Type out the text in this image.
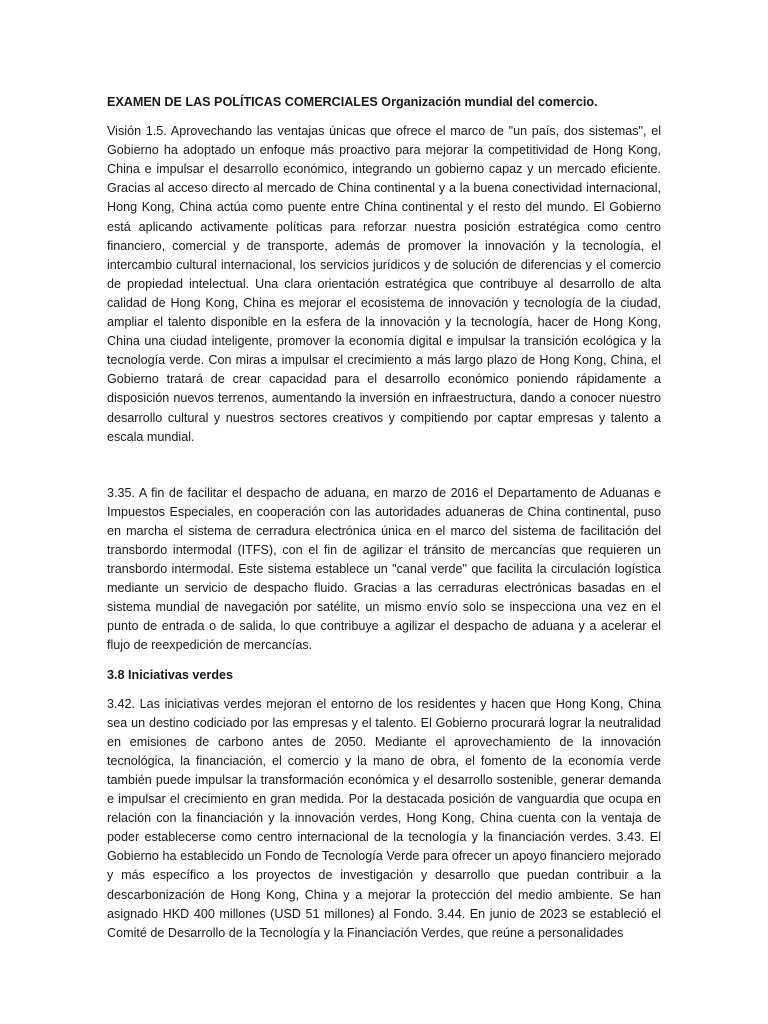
EXAMEN DE LAS POLÍTICAS COMERCIALES Organización mundial del comercio.

Visión 1.5. Aprovechando las ventajas únicas que ofrece el marco de "un país, dos sistemas", el Gobierno ha adoptado un enfoque más proactivo para mejorar la competitividad de Hong Kong, China e impulsar el desarrollo económico, integrando un gobierno capaz y un mercado eficiente. Gracias al acceso directo al mercado de China continental y a la buena conectividad internacional, Hong Kong, China actúa como puente entre China continental y el resto del mundo. El Gobierno está aplicando activamente políticas para reforzar nuestra posición estratégica como centro financiero, comercial y de transporte, además de promover la innovación y la tecnología, el intercambio cultural internacional, los servicios jurídicos y de solución de diferencias y el comercio de propiedad intelectual. Una clara orientación estratégica que contribuye al desarrollo de alta calidad de Hong Kong, China es mejorar el ecosistema de innovación y tecnología de la ciudad, ampliar el talento disponible en la esfera de la innovación y la tecnología, hacer de Hong Kong, China una ciudad inteligente, promover la economía digital e impulsar la transición ecológica y la tecnología verde. Con miras a impulsar el crecimiento a más largo plazo de Hong Kong, China, el Gobierno tratará de crear capacidad para el desarrollo económico poniendo rápidamente a disposición nuevos terrenos, aumentando la inversión en infraestructura, dando a conocer nuestro desarrollo cultural y nuestros sectores creativos y compitiendo por captar empresas y talento a escala mundial.

3.35. A fin de facilitar el despacho de aduana, en marzo de 2016 el Departamento de Aduanas e Impuestos Especiales, en cooperación con las autoridades aduaneras de China continental, puso en marcha el sistema de cerradura electrónica única en el marco del sistema de facilitación del transbordo intermodal (ITFS), con el fin de agilizar el tránsito de mercancías que requieren un transbordo intermodal. Este sistema establece un "canal verde" que facilita la circulación logística mediante un servicio de despacho fluido. Gracias a las cerraduras electrónicas basadas en el sistema mundial de navegación por satélite, un mismo envío solo se inspecciona una vez en el punto de entrada o de salida, lo que contribuye a agilizar el despacho de aduana y a acelerar el flujo de reexpedición de mercancías.

3.8 Iniciativas verdes

3.42. Las iniciativas verdes mejoran el entorno de los residentes y hacen que Hong Kong, China sea un destino codiciado por las empresas y el talento. El Gobierno procurará lograr la neutralidad en emisiones de carbono antes de 2050. Mediante el aprovechamiento de la innovación tecnológica, la financiación, el comercio y la mano de obra, el fomento de la economía verde también puede impulsar la transformación económica y el desarrollo sostenible, generar demanda e impulsar el crecimiento en gran medida. Por la destacada posición de vanguardia que ocupa en relación con la financiación y la innovación verdes, Hong Kong, China cuenta con la ventaja de poder establecerse como centro internacional de la tecnología y la financiación verdes. 3.43. El Gobierno ha establecido un Fondo de Tecnología Verde para ofrecer un apoyo financiero mejorado y más específico a los proyectos de investigación y desarrollo que puedan contribuir a la descarbonización de Hong Kong, China y a mejorar la protección del medio ambiente. Se han asignado HKD 400 millones (USD 51 millones) al Fondo. 3.44. En junio de 2023 se estableció el Comité de Desarrollo de la Tecnología y la Financiación Verdes, que reúne a personalidades
